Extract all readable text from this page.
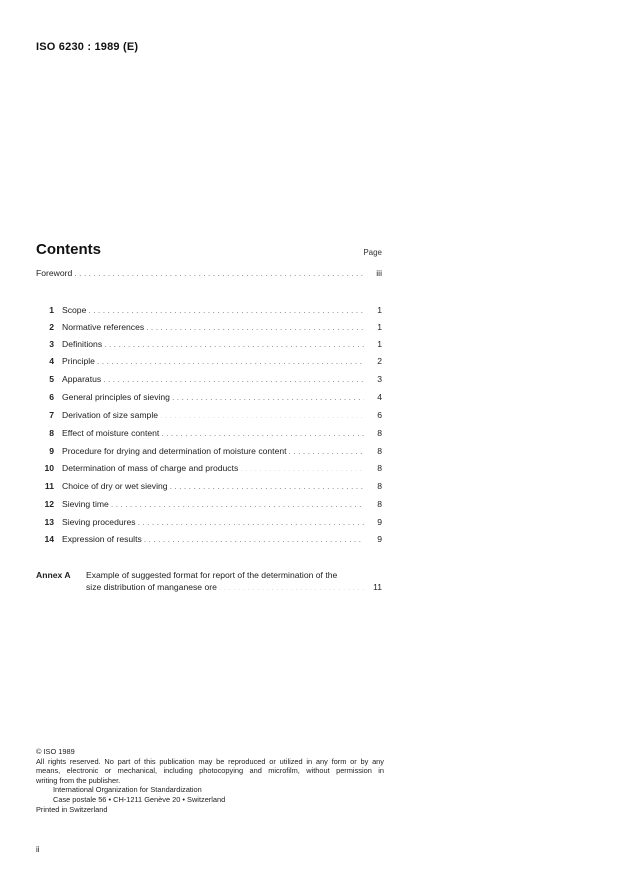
ISO 6230 : 1989 (E)
Contents	Page
Foreword . . .	iii
1 Scope . . .	1
2 Normative references . . .	1
3 Definitions . . .	1
4 Principle . . .	2
5 Apparatus . . .	3
6 General principles of sieving . . .	4
7 Derivation of size sample . . .	6
8 Effect of moisture content . . .	8
9 Procedure for drying and determination of moisture content . . .	8
10 Determination of mass of charge and products . . .	8
11 Choice of dry or wet sieving . . .	8
12 Sieving time . . .	8
13 Sieving procedures . . .	9
14 Expression of results . . .	9
Annex A Example of suggested format for report of the determination of the
size distribution of manganese ore . . .	11
© ISO 1989
All rights reserved. No part of this publication may be reproduced or utilized in any form or by any
means, electronic or mechanical, including photocopying and microfilm, without permission in
writing from the publisher.
International Organization for Standardization
Case postale 56 • CH-1211 Genève 20 • Switzerland
Printed in Switzerland
ii
